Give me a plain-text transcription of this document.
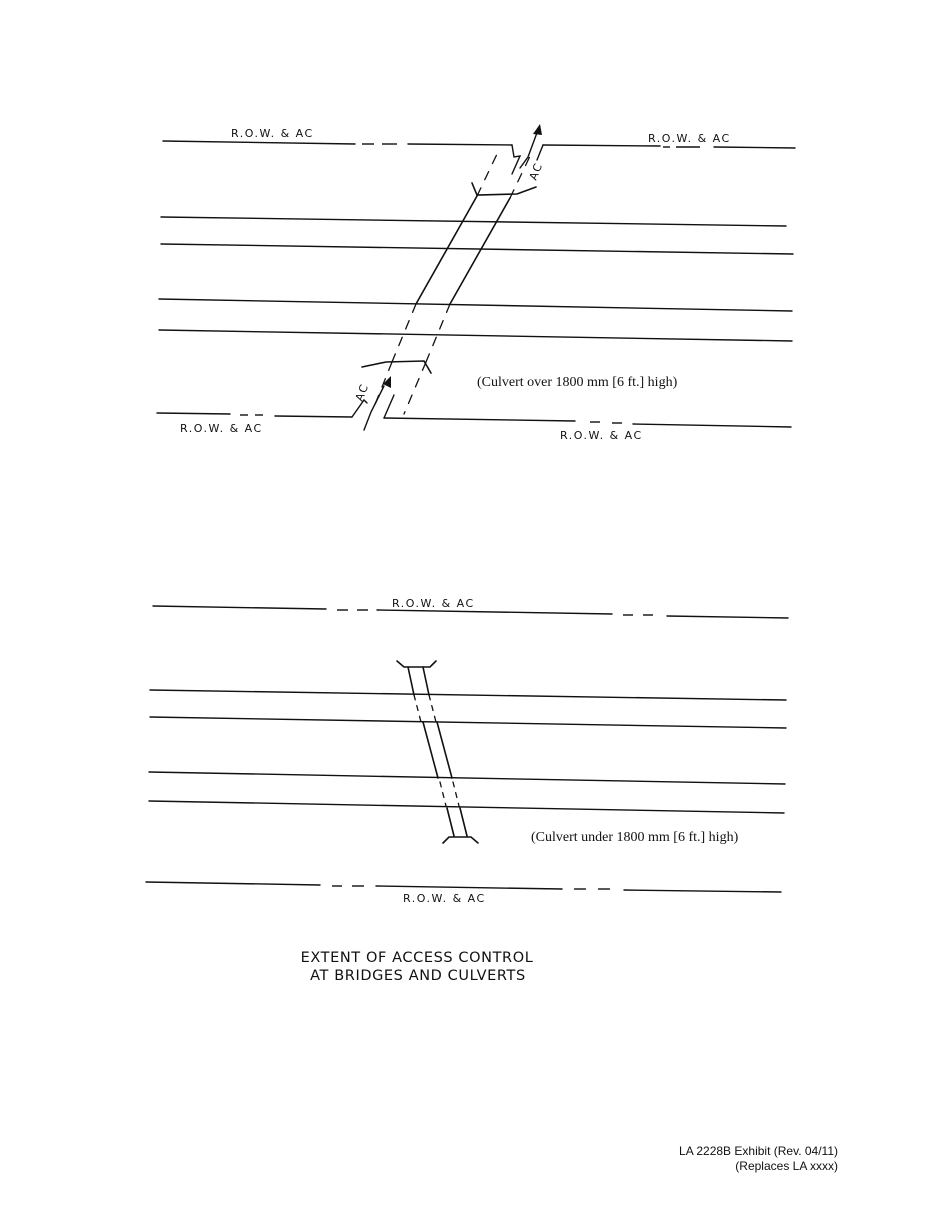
R.O.W. & AC	R.O.W. & AC
R.O.W. & AC
R.O.W. & AC
AC
AC	(Culvert over 1800 mm [6 ft.] high)
R.O.W. & AC
R.O.W. & AC
(Culvert under 1800 mm [6 ft.] high)
EXTENT OF ACCESS CONTROL
AT BRIDGES AND CULVERTS
LA 2228B Exhibit (Rev. 04/11)
(Replaces LA xxxx)
